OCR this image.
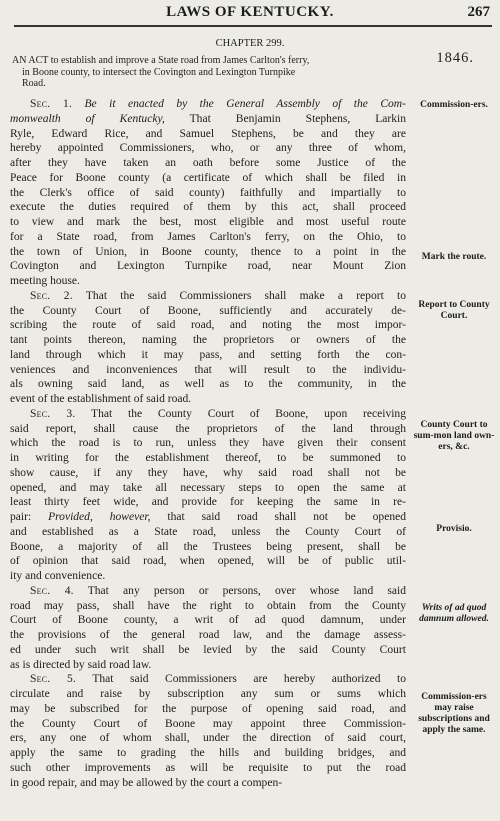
LAWS OF KENTUCKY.	267
CHAPTER 299.
1846.
AN ACT to establish and improve a State road from James Carlton's ferry,
in Boone county, to intersect the Covington and Lexington Turnpike
Road.
Sec. 1. Be it enacted by the General Assembly of the Com-
monwealth of Kentucky, That Benjamin Stephens, Larkin
Ryle, Edward Rice, and Samuel Stephens, be and they are
hereby appointed Commissioners, who, or any three of whom,
after they have taken an oath before some Justice of the
Peace for Boone county (a certificate of which shall be filed in
the Clerk's office of said county) faithfully and impartially to
execute the duties required of them by this act, shall proceed
to view and mark the best, most eligible and most useful route
for a State road, from James Carlton's ferry, on the Ohio, to
the town of Union, in Boone county, thence to a point in the
Covington and Lexington Turnpike road, near Mount Zion
meeting house.
Sec. 2. That the said Commissioners shall make a report to
the County Court of Boone, sufficiently and accurately de-
scribing the route of said road, and noting the most impor-
tant points thereon, naming the proprietors or owners of the
land through which it may pass, and setting forth the con-
veniences and inconveniences that will result to the individu-
als owning said land, as well as to the community, in the
event of the establishment of said road.
Sec. 3. That the County Court of Boone, upon receiving
said report, shall cause the proprietors of the land through
which the road is to run, unless they have given their consent
in writing for the establishment thereof, to be summoned to
show cause, if any they have, why said road shall not be
opened, and may take all necessary steps to open the same at
least thirty feet wide, and provide for keeping the same in re-
pair: Provided, however, that said road shall not be opened
and established as a State road, unless the County Court of
Boone, a majority of all the Trustees being present, shall be
of opinion that said road, when opened, will be of public util-
ity and convenience.
Sec. 4. That any person or persons, over whose land said
road may pass, shall have the right to obtain from the County
Court of Boone county, a writ of ad quod damnum, under
the provisions of the general road law, and the damage assess-
ed under such writ shall be levied by the said County Court
as is directed by said road law.
Sec. 5. That said Commissioners are hereby authorized to
circulate and raise by subscription any sum or sums which
may be subscribed for the purpose of opening said road, and
the County Court of Boone may appoint three Commission-
ers, any one of whom shall, under the direction of said court,
apply the same to grading the hills and building bridges, and
such other improvements as will be requisite to put the road
in good repair, and may be allowed by the court a compen-
Commission-ers.
Mark the route.
Report to County Court.
County Court to sum-mon land own-ers, &c.
Provisio.
Writs of ad quod damnum allowed.
Commission-ers may raise subscriptions and apply the same.
